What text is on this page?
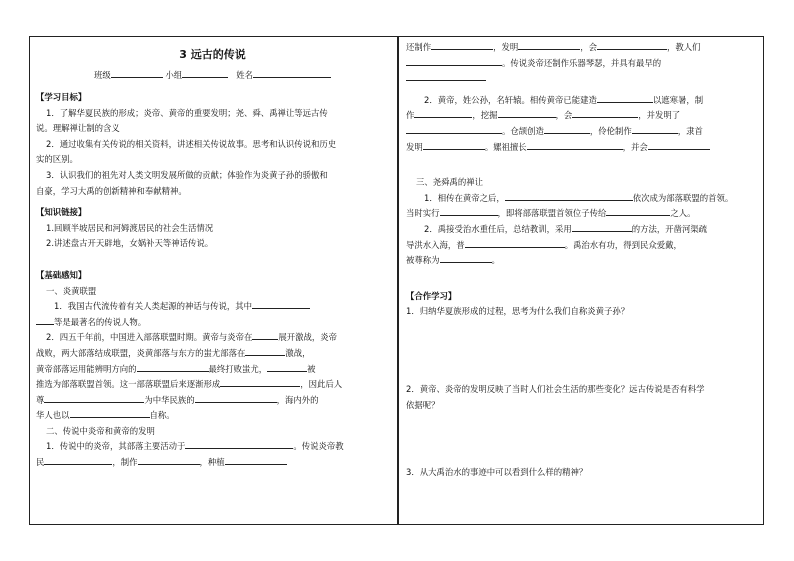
3 远古的传说
班级	小组	姓名
【学习目标】

1．了解华夏民族的形成；炎帝、黄帝的重要发明；尧、舜、禹禅让等远古传

说。理解禅让制的含义

2．通过收集有关传说的相关资料，讲述相关传说故事。思考和认识传说和历史

实的区别。

3．认识我们的祖先对人类文明发展所做的贡献；体验作为炎黄子孙的骄傲和

自豪，学习大禹的创新精神和奉献精神。

【知识链接】

1.回顾半坡居民和河姆渡居民的社会生活情况

2.讲述盘古开天辟地，女娲补天等神话传说。

【基础感知】

一、炎黄联盟

1．我国古代流传着有关人类起源的神话与传说，其中

等是最著名的传说人物。

2．四五千年前，中国进入部落联盟时期。黄帝与炎帝在	展开激战，炎帝

战败，两大部落结成联盟，炎黄部落与东方的蚩尤部落在	激战，

黄帝部落运用能辨明方向的	最终打败蚩尤，	被

推选为部落联盟首领。这一部落联盟后来逐渐形成	，因此后人

尊	为中华民族的	，海内外的

华人也以	自称。

二、传说中炎帝和黄帝的发明

1．传说中的炎帝，其部落主要活动于	。传说炎帝教

民	，制作	，种植

还制作	，发明	，会	，教人们

。传说炎帝还制作乐器琴瑟，并具有最早的

2．黄帝，姓公孙，名轩辕。相传黄帝已能建造	以遮寒暑，制

作	，挖掘	，会	，并发明了

。仓颉创造	，伶伦制作	，隶首

发明	。嫘祖擅长	，并会

三、尧舜禹的禅让

1．相传在黄帝之后，	依次成为部落联盟的首领。

当时实行	，即将部落联盟首领位子传给	之人。

2．禹接受治水重任后，总结教训，采用	的方法，开凿河渠疏

导洪水入海，普	。禹治水有功，得到民众爱戴，

被尊称为	。

【合作学习】

1．归纳华夏族形成的过程，思考为什么我们自称炎黄子孙？

2．黄帝、炎帝的发明反映了当时人们社会生活的那些变化？远古传说是否有科学

依据呢？

3．从大禹治水的事迹中可以看到什么样的精神？
